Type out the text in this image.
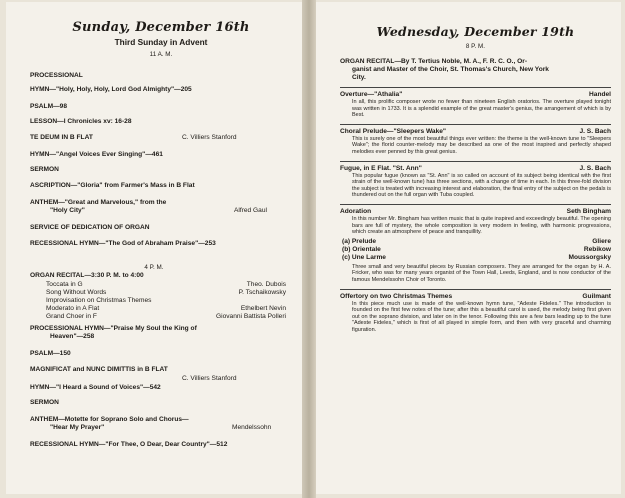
Sunday, December 16th
Third Sunday in Advent
11 A. M.
PROCESSIONAL
HYMN—"Holy, Holy, Holy, Lord God Almighty"—205
PSALM—98
LESSON—I Chronicles xv: 16-28
TE DEUM IN B FLAT	C. Villiers Stanford
HYMN—"Angel Voices Ever Singing"—461
SERMON
ASCRIPTION—"Gloria" from Farmer's Mass in B Flat
ANTHEM—"Great and Marvelous," from the
"Holy City"	Alfred Gaul
SERVICE OF DEDICATION OF ORGAN
RECESSIONAL HYMN—"The God of Abraham Praise"—253
4 P. M.
ORGAN RECITAL—3:30 P. M. to 4:00
Toccata in G	Theo. Dubois
Song Without Words	P. Tschaikowsky
Improvisation on Christmas Themes
Moderato in A Flat	Ethelbert Nevin
Grand Choer in F	Giovanni Battista Polleri
PROCESSIONAL HYMN—"Praise My Soul the King of
Heaven"—258
PSALM—150
MAGNIFICAT and NUNC DIMITTIS in B FLAT
C. Villiers Stanford
HYMN—"I Heard a Sound of Voices"—542
SERMON
ANTHEM—Motette for Soprano Solo and Chorus—
"Hear My Prayer"	Mendelssohn
RECESSIONAL HYMN—"For Thee, O Dear, Dear Country"—512
Wednesday, December 19th
8 P. M.
ORGAN RECITAL—By T. Tertius Noble, M. A., F. R. C. O., Or-
ganist and Master of the Choir, St. Thomas's Church, New York
City.
Overture—"Athalia"	Handel
In all, this prolific composer wrote no fewer than nineteen English oratorios. The overture played tonight was written in 1733. It is a splendid example of the great master's genius, the arrangement of which is by Best.
Choral Prelude—"Sleepers Wake"	J. S. Bach
This is surely one of the most beautiful things ever written: the theme is the well-known tune to "Sleepers Wake"; the florid counter-melody may be described as one of the most inspired and perfectly shaped melodies ever penned by this great genius.
Fugue, in E Flat. "St. Ann"	J. S. Bach
This popular fugue (known as "St. Ann" is so called on account of its subject being identical with the first strain of the well-known tune) has three sections, with a change of time in each. In this three-fold division the subject is treated with increasing interest and elaboration, the final entry of the subject on the pedals is thundered out on the full organ with Tuba coupled.
Adoration	Seth Bingham
In this number Mr. Bingham has written music that is quite inspired and exceedingly beautiful. The opening bars are full of mystery, the whole composition is very modern in feeling, with harmonic progressions, which create an atmosphere of peace and tranquillity.
(a) Prelude	Gliere
(b) Orientale	Rebikow
(c) Une Larme	Moussorgsky
Three small and very beautiful pieces by Russian composers. They are arranged for the organ by H. A. Fricker, who was for many years organist of the Town Hall, Leeds, England, and is now conductor of the famous Mendelssohn Choir of Toronto.
Offertory on two Christmas Themes	Guilmant
In this piece much use is made of the well-known hymn tune, "Adeste Fideles." The introduction is founded on the first few notes of the tune; after this a beautiful carol is used, the melody being first given out on the soprano division, and later on in the tenor. Following this are a few bars leading up to the tune "Adeste Fideles," which is first of all played in simple form, and then with very graceful and charming figuration.
